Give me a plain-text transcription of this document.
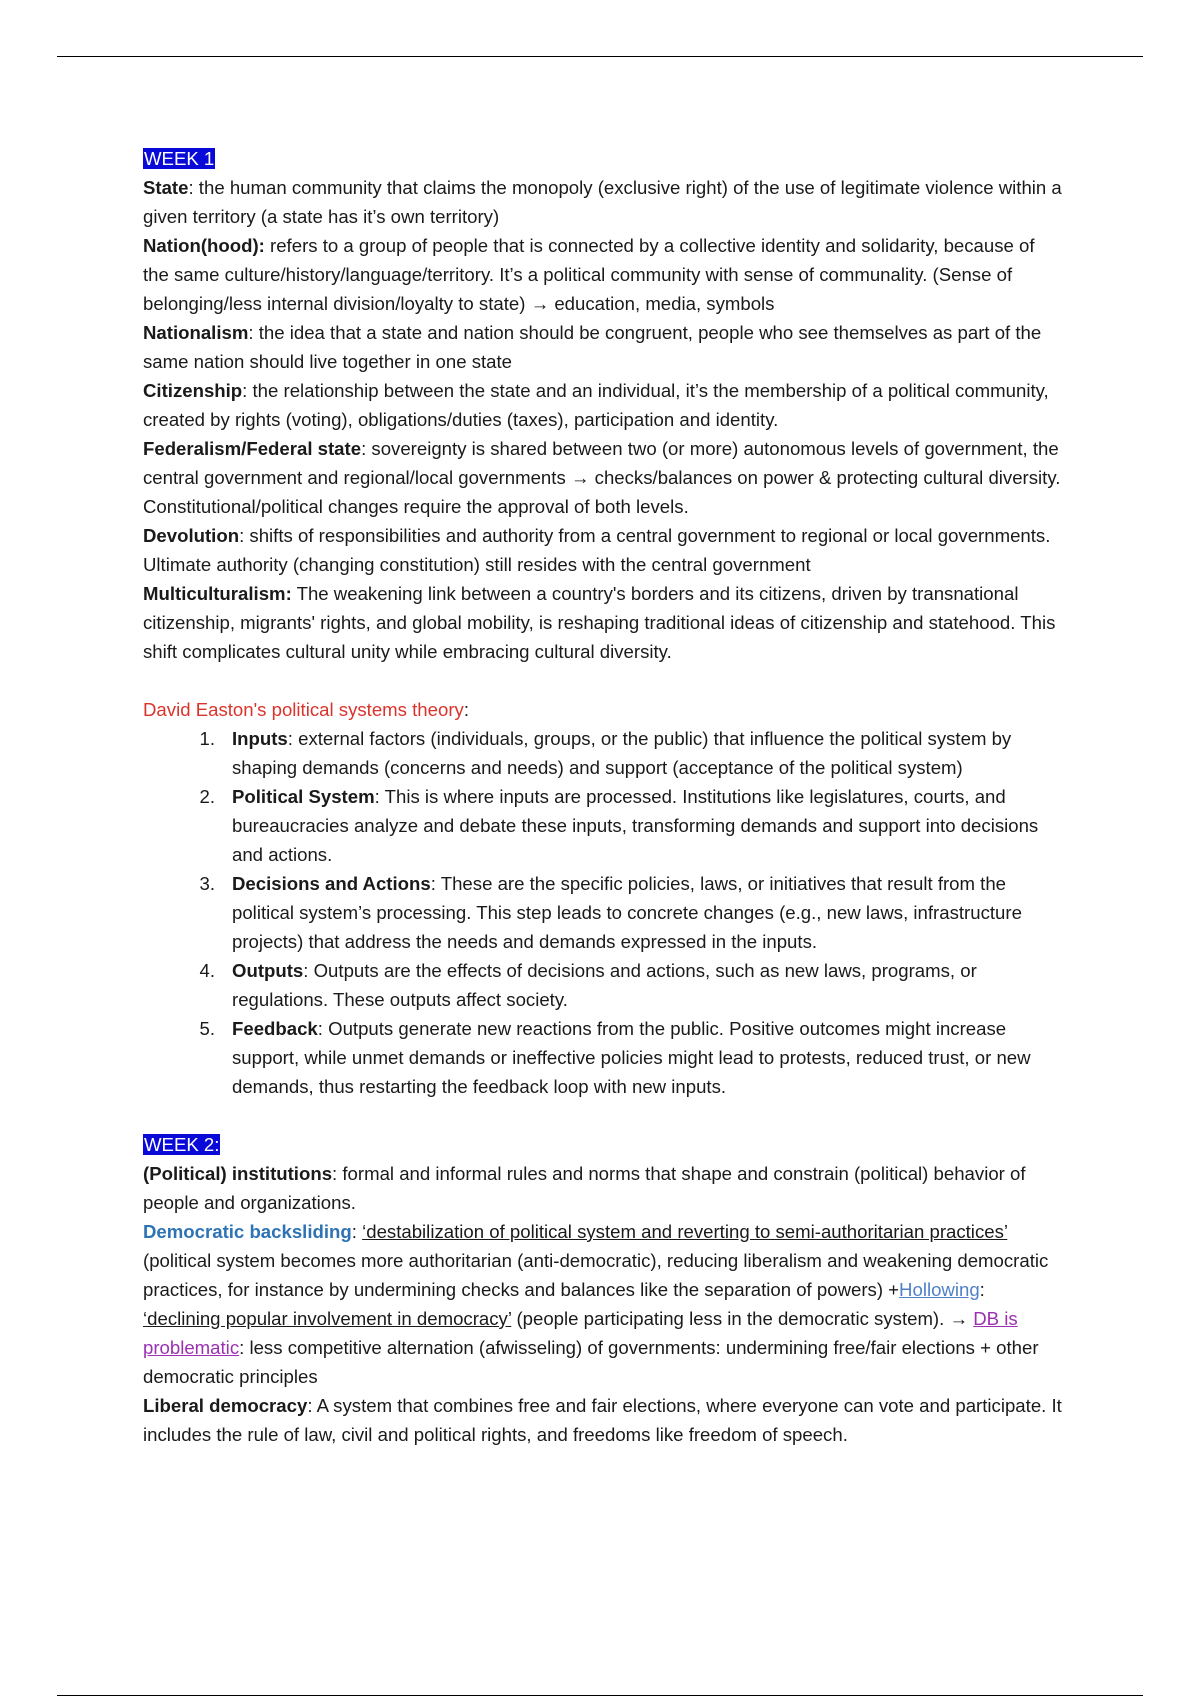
WEEK 1

State: the human community that claims the monopoly (exclusive right) of the use of legitimate violence within a given territory (a state has it’s own territory)

Nation(hood): refers to a group of people that is connected by a collective identity and solidarity, because of the same culture/history/language/territory. It’s a political community with sense of communality. (Sense of belonging/less internal division/loyalty to state) → education, media, symbols

Nationalism: the idea that a state and nation should be congruent, people who see themselves as part of the same nation should live together in one state

Citizenship: the relationship between the state and an individual, it’s the membership of a political community, created by rights (voting), obligations/duties (taxes), participation and identity.

Federalism/Federal state: sovereignty is shared between two (or more) autonomous levels of government, the central government and regional/local governments → checks/balances on power & protecting cultural diversity. Constitutional/political changes require the approval of both levels.

Devolution: shifts of responsibilities and authority from a central government to regional or local governments. Ultimate authority (changing constitution) still resides with the central government

Multiculturalism: The weakening link between a country's borders and its citizens, driven by transnational citizenship, migrants' rights, and global mobility, is reshaping traditional ideas of citizenship and statehood. This shift complicates cultural unity while embracing cultural diversity.

David Easton's political systems theory:

1. Inputs: external factors (individuals, groups, or the public) that influence the political system by shaping demands (concerns and needs) and support (acceptance of the political system)
2. Political System: This is where inputs are processed. Institutions like legislatures, courts, and bureaucracies analyze and debate these inputs, transforming demands and support into decisions and actions.
3. Decisions and Actions: These are the specific policies, laws, or initiatives that result from the political system’s processing. This step leads to concrete changes (e.g., new laws, infrastructure projects) that address the needs and demands expressed in the inputs.
4. Outputs: Outputs are the effects of decisions and actions, such as new laws, programs, or regulations. These outputs affect society.
5. Feedback: Outputs generate new reactions from the public. Positive outcomes might increase support, while unmet demands or ineffective policies might lead to protests, reduced trust, or new demands, thus restarting the feedback loop with new inputs.

WEEK 2:

(Political) institutions: formal and informal rules and norms that shape and constrain (political) behavior of people and organizations.

Democratic backsliding: ‘destabilization of political system and reverting to semi-authoritarian practices’ (political system becomes more authoritarian (anti-democratic), reducing liberalism and weakening democratic practices, for instance by undermining checks and balances like the separation of powers) +Hollowing: ‘declining popular involvement in democracy’ (people participating less in the democratic system). → DB is problematic: less competitive alternation (afwisseling) of governments: undermining free/fair elections + other democratic principles

Liberal democracy: A system that combines free and fair elections, where everyone can vote and participate. It includes the rule of law, civil and political rights, and freedoms like freedom of speech.
